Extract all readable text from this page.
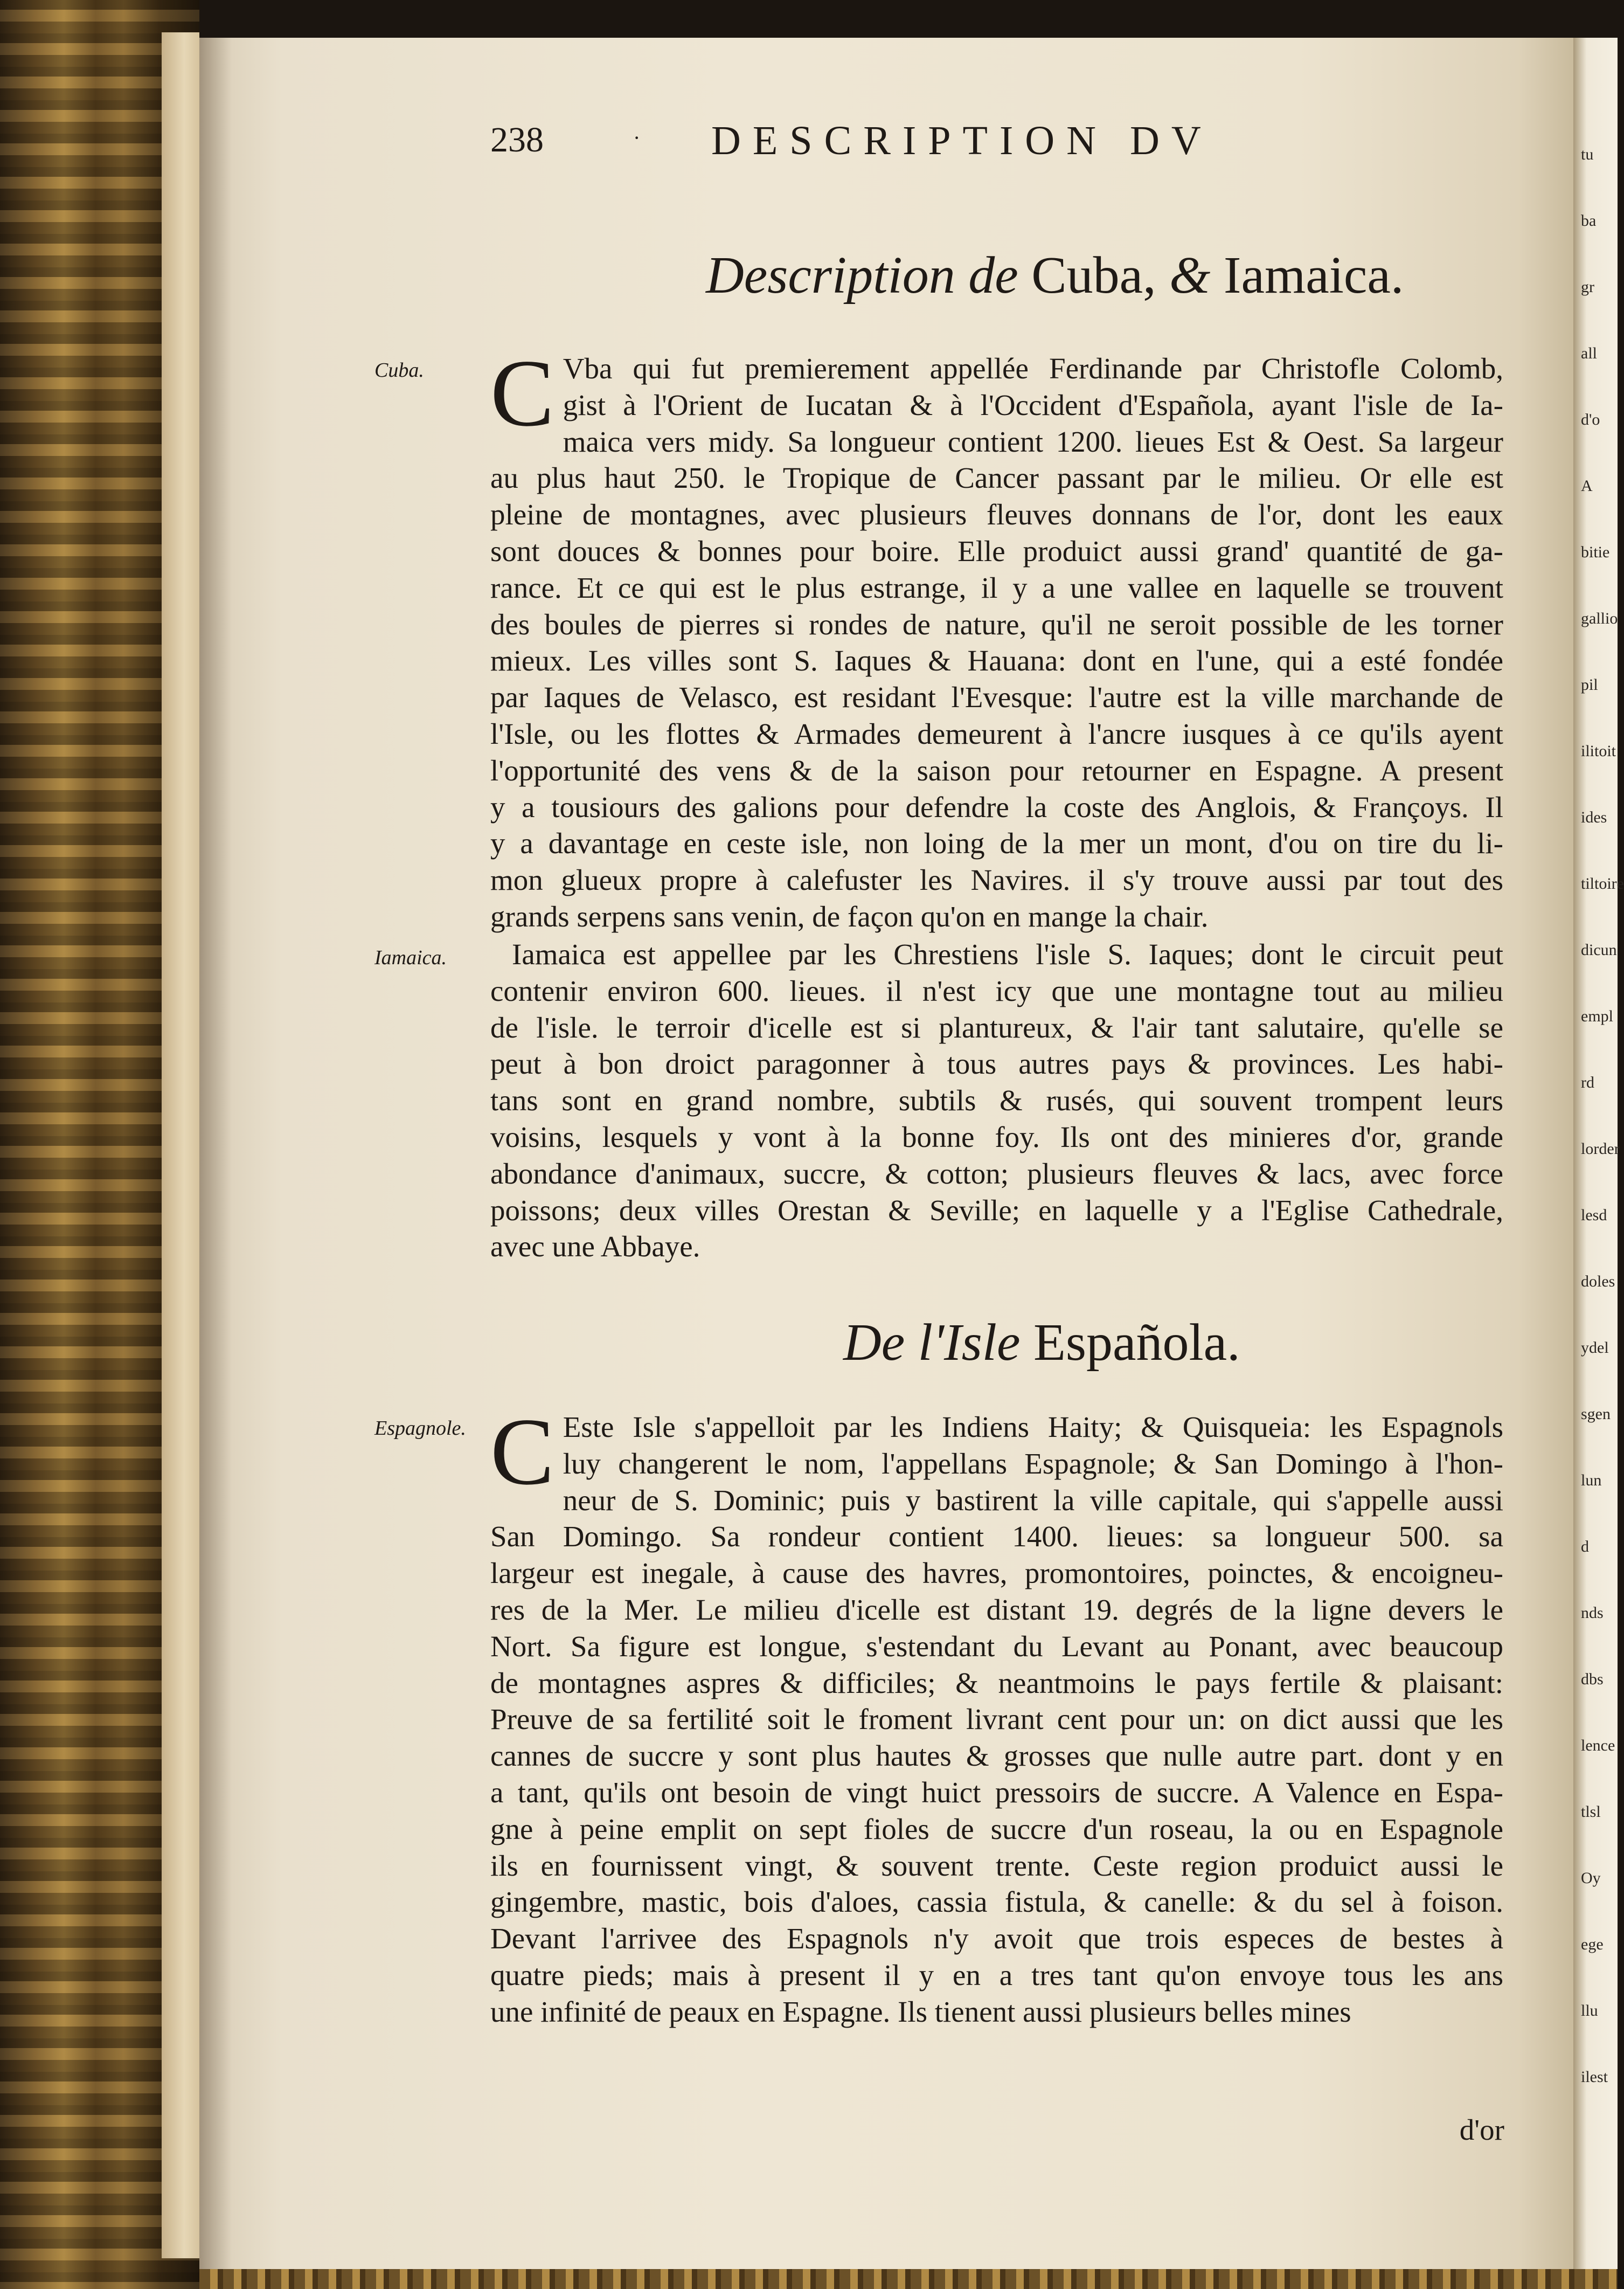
tu
ba
gr
all
d'o
A
bitie
gallio
pil
ilitoit
ides
tiltoire
dicun
empl
rd
lorder
lesd
doles
ydel
sgen
lun
d
nds
dbs
lence
tlsl
Oy
ege
llu
ilest
238	· DESCRIPTION DV
Description de Cuba, & Iamaica.
Cuba.
Iamaica.
Espagnole.
C Vba qui fut premierement appellée Ferdinande par Christofle Colomb,
gist à l'Orient de Iucatan & à l'Occident d'Española, ayant l'isle de Ia-
maica vers midy. Sa longueur contient 1200. lieues Est & Oest. Sa largeur
au plus haut 250. le Tropique de Cancer passant par le milieu. Or elle est
pleine de montagnes, avec plusieurs fleuves donnans de l'or, dont les eaux
sont douces & bonnes pour boire. Elle produict aussi grand' quantité de ga-
rance. Et ce qui est le plus estrange, il y a une vallee en laquelle se trouvent
des boules de pierres si rondes de nature, qu'il ne seroit possible de les torner
mieux. Les villes sont S. Iaques & Hauana: dont en l'une, qui a esté fondée
par Iaques de Velasco, est residant l'Evesque: l'autre est la ville marchande de
l'Isle, ou les flottes & Armades demeurent à l'ancre iusques à ce qu'ils ayent
l'opportunité des vens & de la saison pour retourner en Espagne. A present
y a tousiours des galions pour defendre la coste des Anglois, & Françoys. Il
y a davantage en ceste isle, non loing de la mer un mont, d'ou on tire du li-
mon glueux propre à calefuster les Navires. il s'y trouve aussi par tout des
grands serpens sans venin, de façon qu'on en mange la chair.
Iamaica est appellee par les Chrestiens l'isle S. Iaques; dont le circuit peut
contenir environ 600. lieues. il n'est icy que une montagne tout au milieu
de l'isle. le terroir d'icelle est si plantureux, & l'air tant salutaire, qu'elle se
peut à bon droict paragonner à tous autres pays & provinces. Les habi-
tans sont en grand nombre, subtils & rusés, qui souvent trompent leurs
voisins, lesquels y vont à la bonne foy. Ils ont des minieres d'or, grande
abondance d'animaux, succre, & cotton; plusieurs fleuves & lacs, avec force
poissons; deux villes Orestan & Seville; en laquelle y a l'Eglise Cathedrale,
avec une Abbaye.
De l'Isle Española.
C Este Isle s'appelloit par les Indiens Haity; & Quisqueia: les Espagnols
luy changerent le nom, l'appellans Espagnole; & San Domingo à l'hon-
neur de S. Dominic; puis y bastirent la ville capitale, qui s'appelle aussi
San Domingo. Sa rondeur contient 1400. lieues: sa longueur 500. sa
largeur est inegale, à cause des havres, promontoires, poinctes, & encoigneu-
res de la Mer. Le milieu d'icelle est distant 19. degrés de la ligne devers le
Nort. Sa figure est longue, s'estendant du Levant au Ponant, avec beaucoup
de montagnes aspres & difficiles; & neantmoins le pays fertile & plaisant:
Preuve de sa fertilité soit le froment livrant cent pour un: on dict aussi que les
cannes de succre y sont plus hautes & grosses que nulle autre part. dont y en
a tant, qu'ils ont besoin de vingt huict pressoirs de succre. A Valence en Espa-
gne à peine emplit on sept fioles de succre d'un roseau, la ou en Espagnole
ils en fournissent vingt, & souvent trente. Ceste region produict aussi le
gingembre, mastic, bois d'aloes, cassia fistula, & canelle: & du sel à foison.
Devant l'arrivee des Espagnols n'y avoit que trois especes de bestes à
quatre pieds; mais à present il y en a tres tant qu'on envoye tous les ans
une infinité de peaux en Espagne. Ils tienent aussi plusieurs belles mines
d'or
